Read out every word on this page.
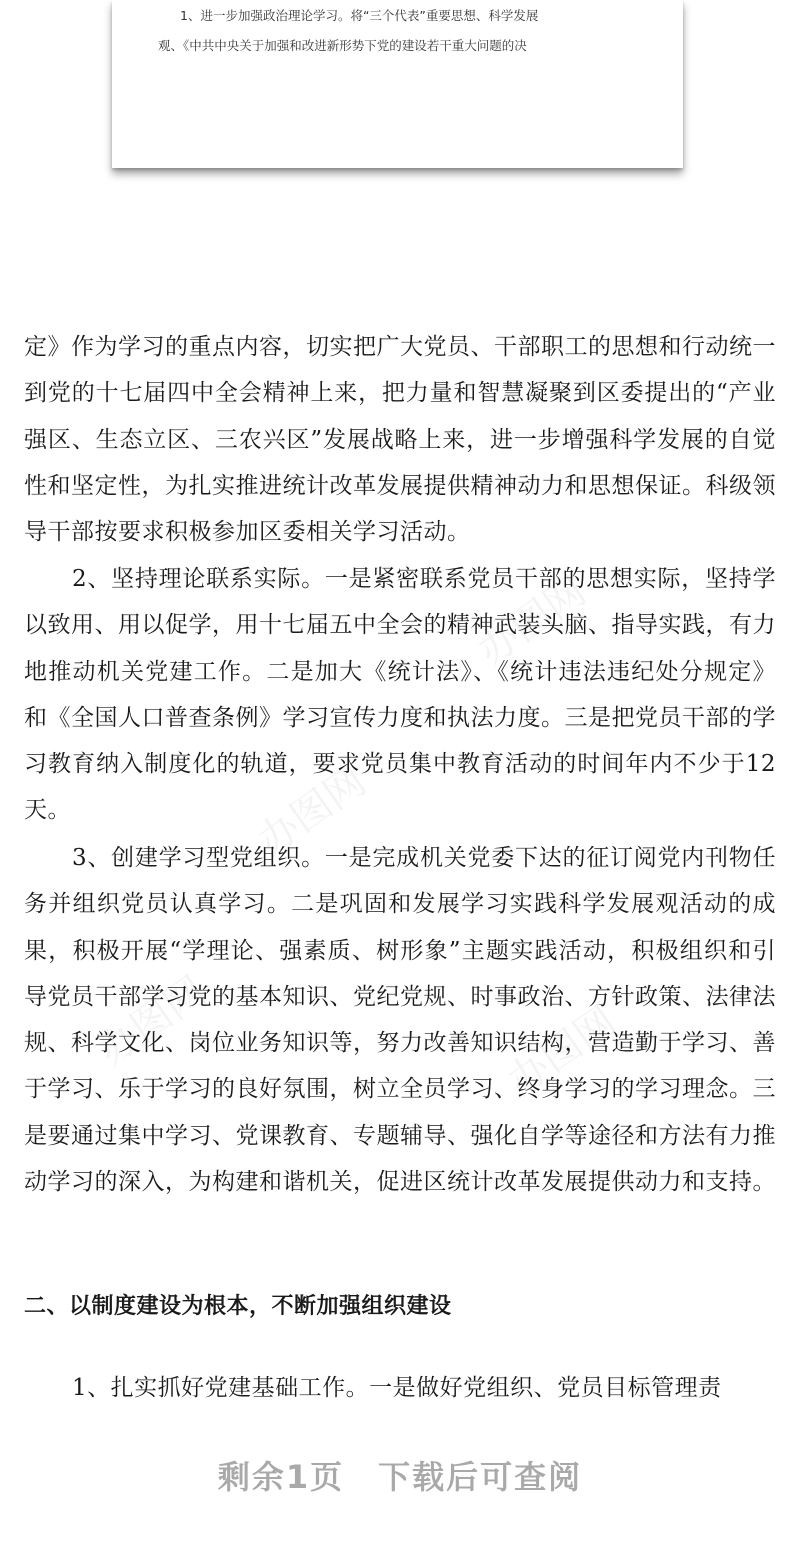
办图网
办图网
办图网
办图网
1、进一步加强政治理论学习。将“三个代表”重要思想、科学发展
观、《中共中央关于加强和改进新形势下党的建设若干重大问题的决
定》作为学习的重点内容，切实把广大党员、干部职工的思想和行动统一到党的十七届四中全会精神上来，把力量和智慧凝聚到区委提出的“产业强区、生态立区、三农兴区”发展战略上来，进一步增强科学发展的自觉性和坚定性，为扎实推进统计改革发展提供精神动力和思想保证。科级领导干部按要求积极参加区委相关学习活动。
2、坚持理论联系实际。一是紧密联系党员干部的思想实际，坚持学以致用、用以促学，用十七届五中全会的精神武装头脑、指导实践，有力地推动机关党建工作。二是加大《统计法》、《统计违法违纪处分规定》和《全国人口普查条例》学习宣传力度和执法力度。三是把党员干部的学习教育纳入制度化的轨道，要求党员集中教育活动的时间年内不少于12天。
3、创建学习型党组织。一是完成机关党委下达的征订阅党内刊物任务并组织党员认真学习。二是巩固和发展学习实践科学发展观活动的成果，积极开展“学理论、强素质、树形象”主题实践活动，积极组织和引导党员干部学习党的基本知识、党纪党规、时事政治、方针政策、法律法规、科学文化、岗位业务知识等，努力改善知识结构，营造勤于学习、善于学习、乐于学习的良好氛围，树立全员学习、终身学习的学习理念。三是要通过集中学习、党课教育、专题辅导、强化自学等途径和方法有力推动学习的深入，为构建和谐机关，促进区统计改革发展提供动力和支持。
二、以制度建设为根本，不断加强组织建设
1、扎实抓好党建基础工作。一是做好党组织、党员目标管理责
剩余1页　下载后可查阅
